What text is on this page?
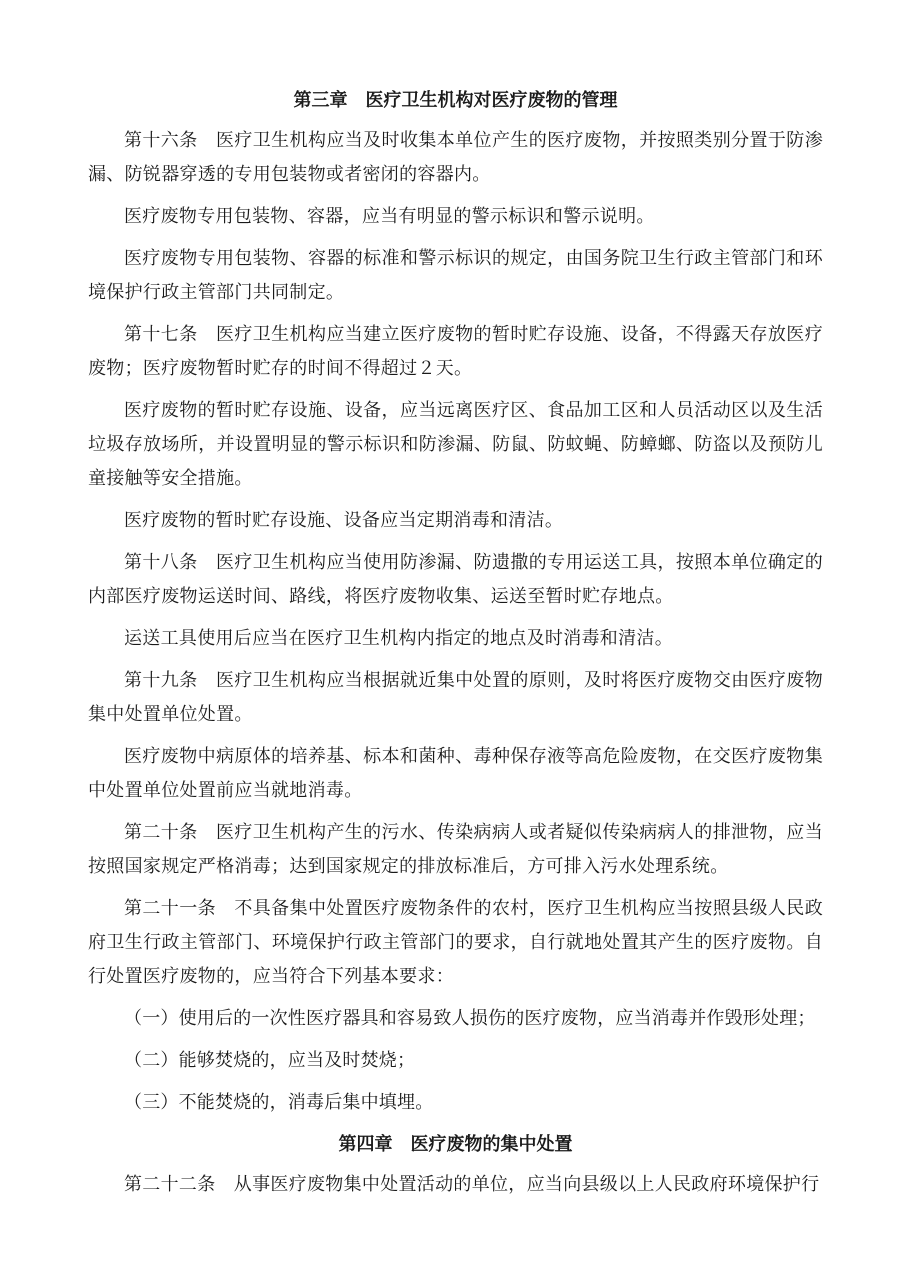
第三章　医疗卫生机构对医疗废物的管理

第十六条　医疗卫生机构应当及时收集本单位产生的医疗废物，并按照类别分置于防渗漏、防锐器穿透的专用包装物或者密闭的容器内。

医疗废物专用包装物、容器，应当有明显的警示标识和警示说明。

医疗废物专用包装物、容器的标准和警示标识的规定，由国务院卫生行政主管部门和环境保护行政主管部门共同制定。

第十七条　医疗卫生机构应当建立医疗废物的暂时贮存设施、设备，不得露天存放医疗废物；医疗废物暂时贮存的时间不得超过２天。

医疗废物的暂时贮存设施、设备，应当远离医疗区、食品加工区和人员活动区以及生活垃圾存放场所，并设置明显的警示标识和防渗漏、防鼠、防蚊蝇、防蟑螂、防盗以及预防儿童接触等安全措施。

医疗废物的暂时贮存设施、设备应当定期消毒和清洁。

第十八条　医疗卫生机构应当使用防渗漏、防遗撒的专用运送工具，按照本单位确定的内部医疗废物运送时间、路线，将医疗废物收集、运送至暂时贮存地点。

运送工具使用后应当在医疗卫生机构内指定的地点及时消毒和清洁。

第十九条　医疗卫生机构应当根据就近集中处置的原则，及时将医疗废物交由医疗废物集中处置单位处置。

医疗废物中病原体的培养基、标本和菌种、毒种保存液等高危险废物，在交医疗废物集中处置单位处置前应当就地消毒。

第二十条　医疗卫生机构产生的污水、传染病病人或者疑似传染病病人的排泄物，应当按照国家规定严格消毒；达到国家规定的排放标准后，方可排入污水处理系统。

第二十一条　不具备集中处置医疗废物条件的农村，医疗卫生机构应当按照县级人民政府卫生行政主管部门、环境保护行政主管部门的要求，自行就地处置其产生的医疗废物。自行处置医疗废物的，应当符合下列基本要求：

（一）使用后的一次性医疗器具和容易致人损伤的医疗废物，应当消毒并作毁形处理；

（二）能够焚烧的，应当及时焚烧；

（三）不能焚烧的，消毒后集中填埋。

第四章　医疗废物的集中处置

第二十二条　从事医疗废物集中处置活动的单位，应当向县级以上人民政府环境保护行
